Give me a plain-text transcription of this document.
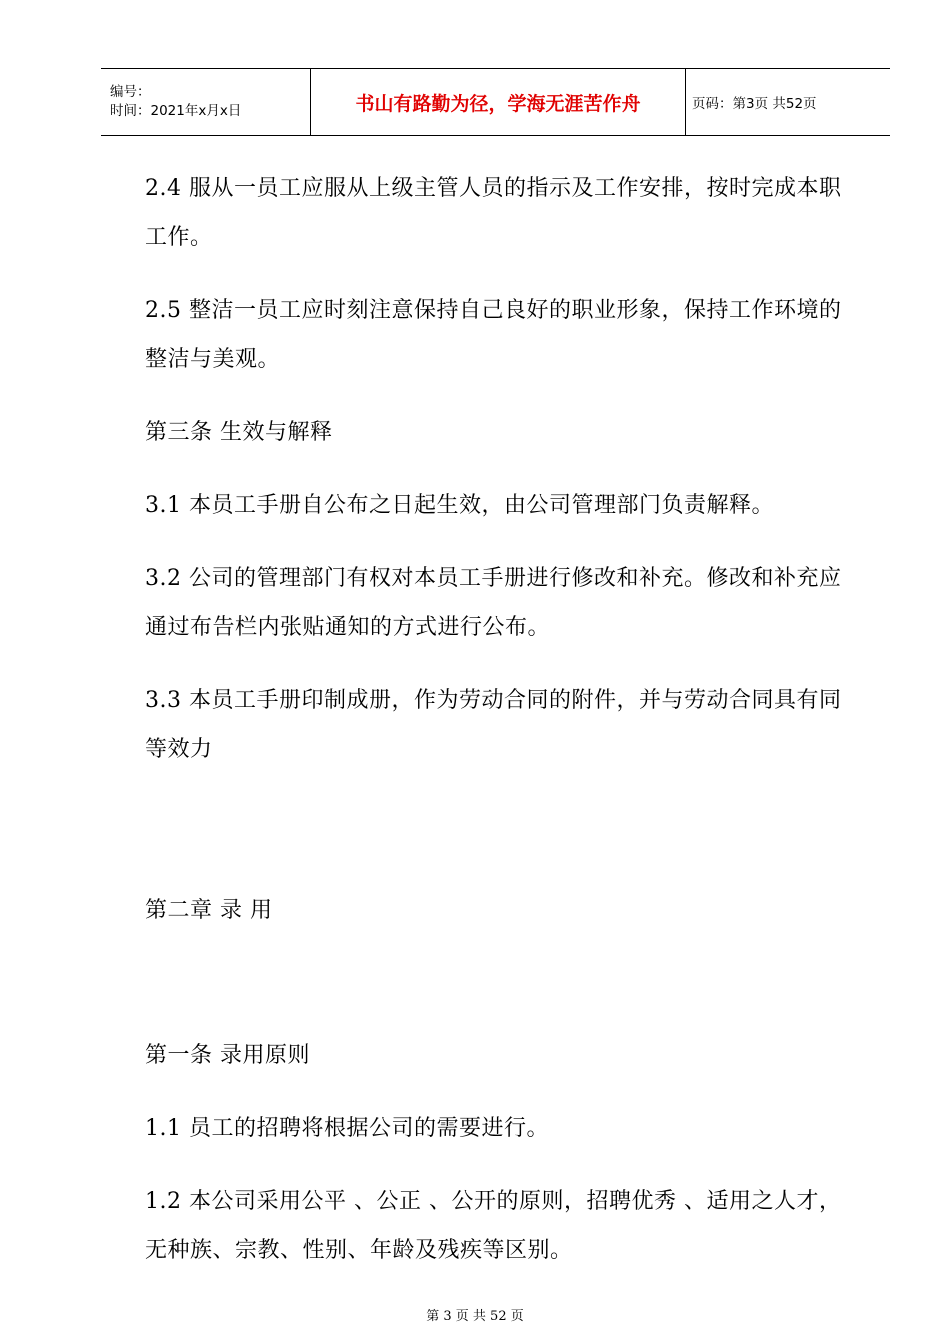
编号：
时间：2021年x月x日	书山有路勤为径，学海无涯苦作舟	页码：第3页 共52页

2.4 服从一员工应服从上级主管人员的指示及工作安排，按时完成本职工作。

2.5 整洁一员工应时刻注意保持自己良好的职业形象，保持工作环境的整洁与美观。

第三条 生效与解释

3.1 本员工手册自公布之日起生效，由公司管理部门负责解释。

3.2 公司的管理部门有权对本员工手册进行修改和补充。修改和补充应通过布告栏内张贴通知的方式进行公布。

3.3 本员工手册印制成册，作为劳动合同的附件，并与劳动合同具有同等效力

第二章 录 用

第一条 录用原则

1.1 员工的招聘将根据公司的需要进行。

1.2 本公司采用公平 、公正 、公开的原则，招聘优秀 、适用之人才，无种族、宗教、性别、年龄及残疾等区别。

第 3 页 共 52 页
